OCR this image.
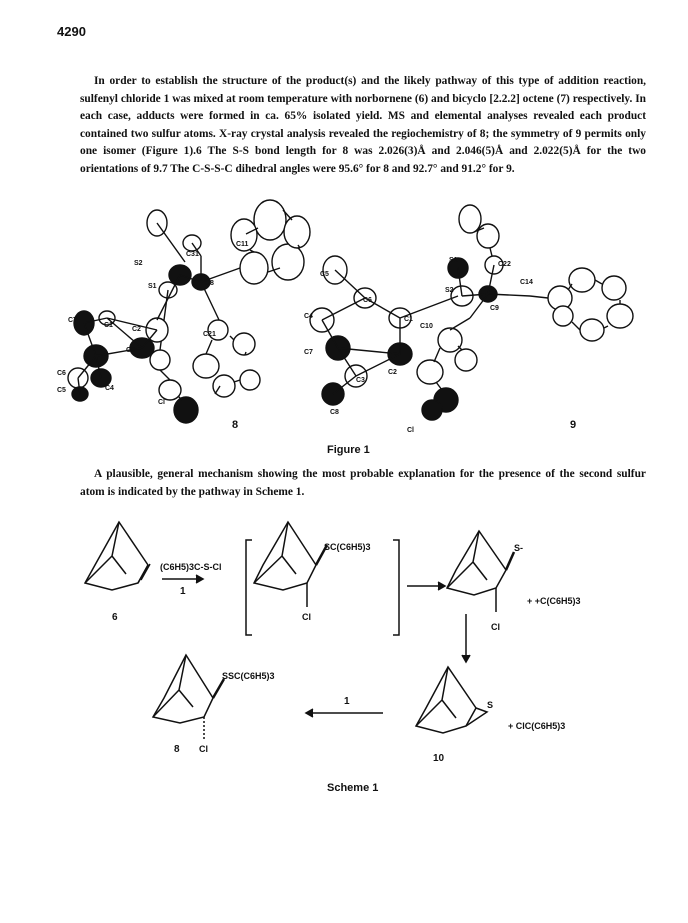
4290
In order to establish the structure of the product(s) and the likely pathway of this type of addition reaction, sulfenyl chloride 1 was mixed at room temperature with norbornene (6) and bicyclo [2.2.2] octene (7) respectively. In each case, adducts were formed in ca. 65% isolated yield. MS and elemental analyses revealed each product contained two sulfur atoms. X-ray crystal analysis revealed the regiochemistry of 8; the symmetry of 9 permits only one isomer (Figure 1).6 The S-S bond length for 8 was 2.026(3)Å and 2.046(5)Å and 2.022(5)Å for the two orientations of 9.7 The C-S-S-C dihedral angles were 95.6° for 8 and 92.7° and 91.2° for 9.
C11
C31
S2
S1	C8
C7
C1
C2
C21
C3
C6
C5	C4
Cl
8
S1
C22
C14
C5
S2
C9
C6
C4	C1
C10
C7
C3
C2
C8
Cl	9
Figure 1
A plausible, general mechanism showing the most probable explanation for the presence of the second sulfur atom is indicated by the pathway in Scheme 1.
6
(C6H5)3C-S-Cl
1
SC(C6H5)3
Cl
S-
+ +C(C6H5)3
Cl
S
+ ClC(C6H5)3
10
1
SSC(C6H5)3
Cl
8
Scheme 1
